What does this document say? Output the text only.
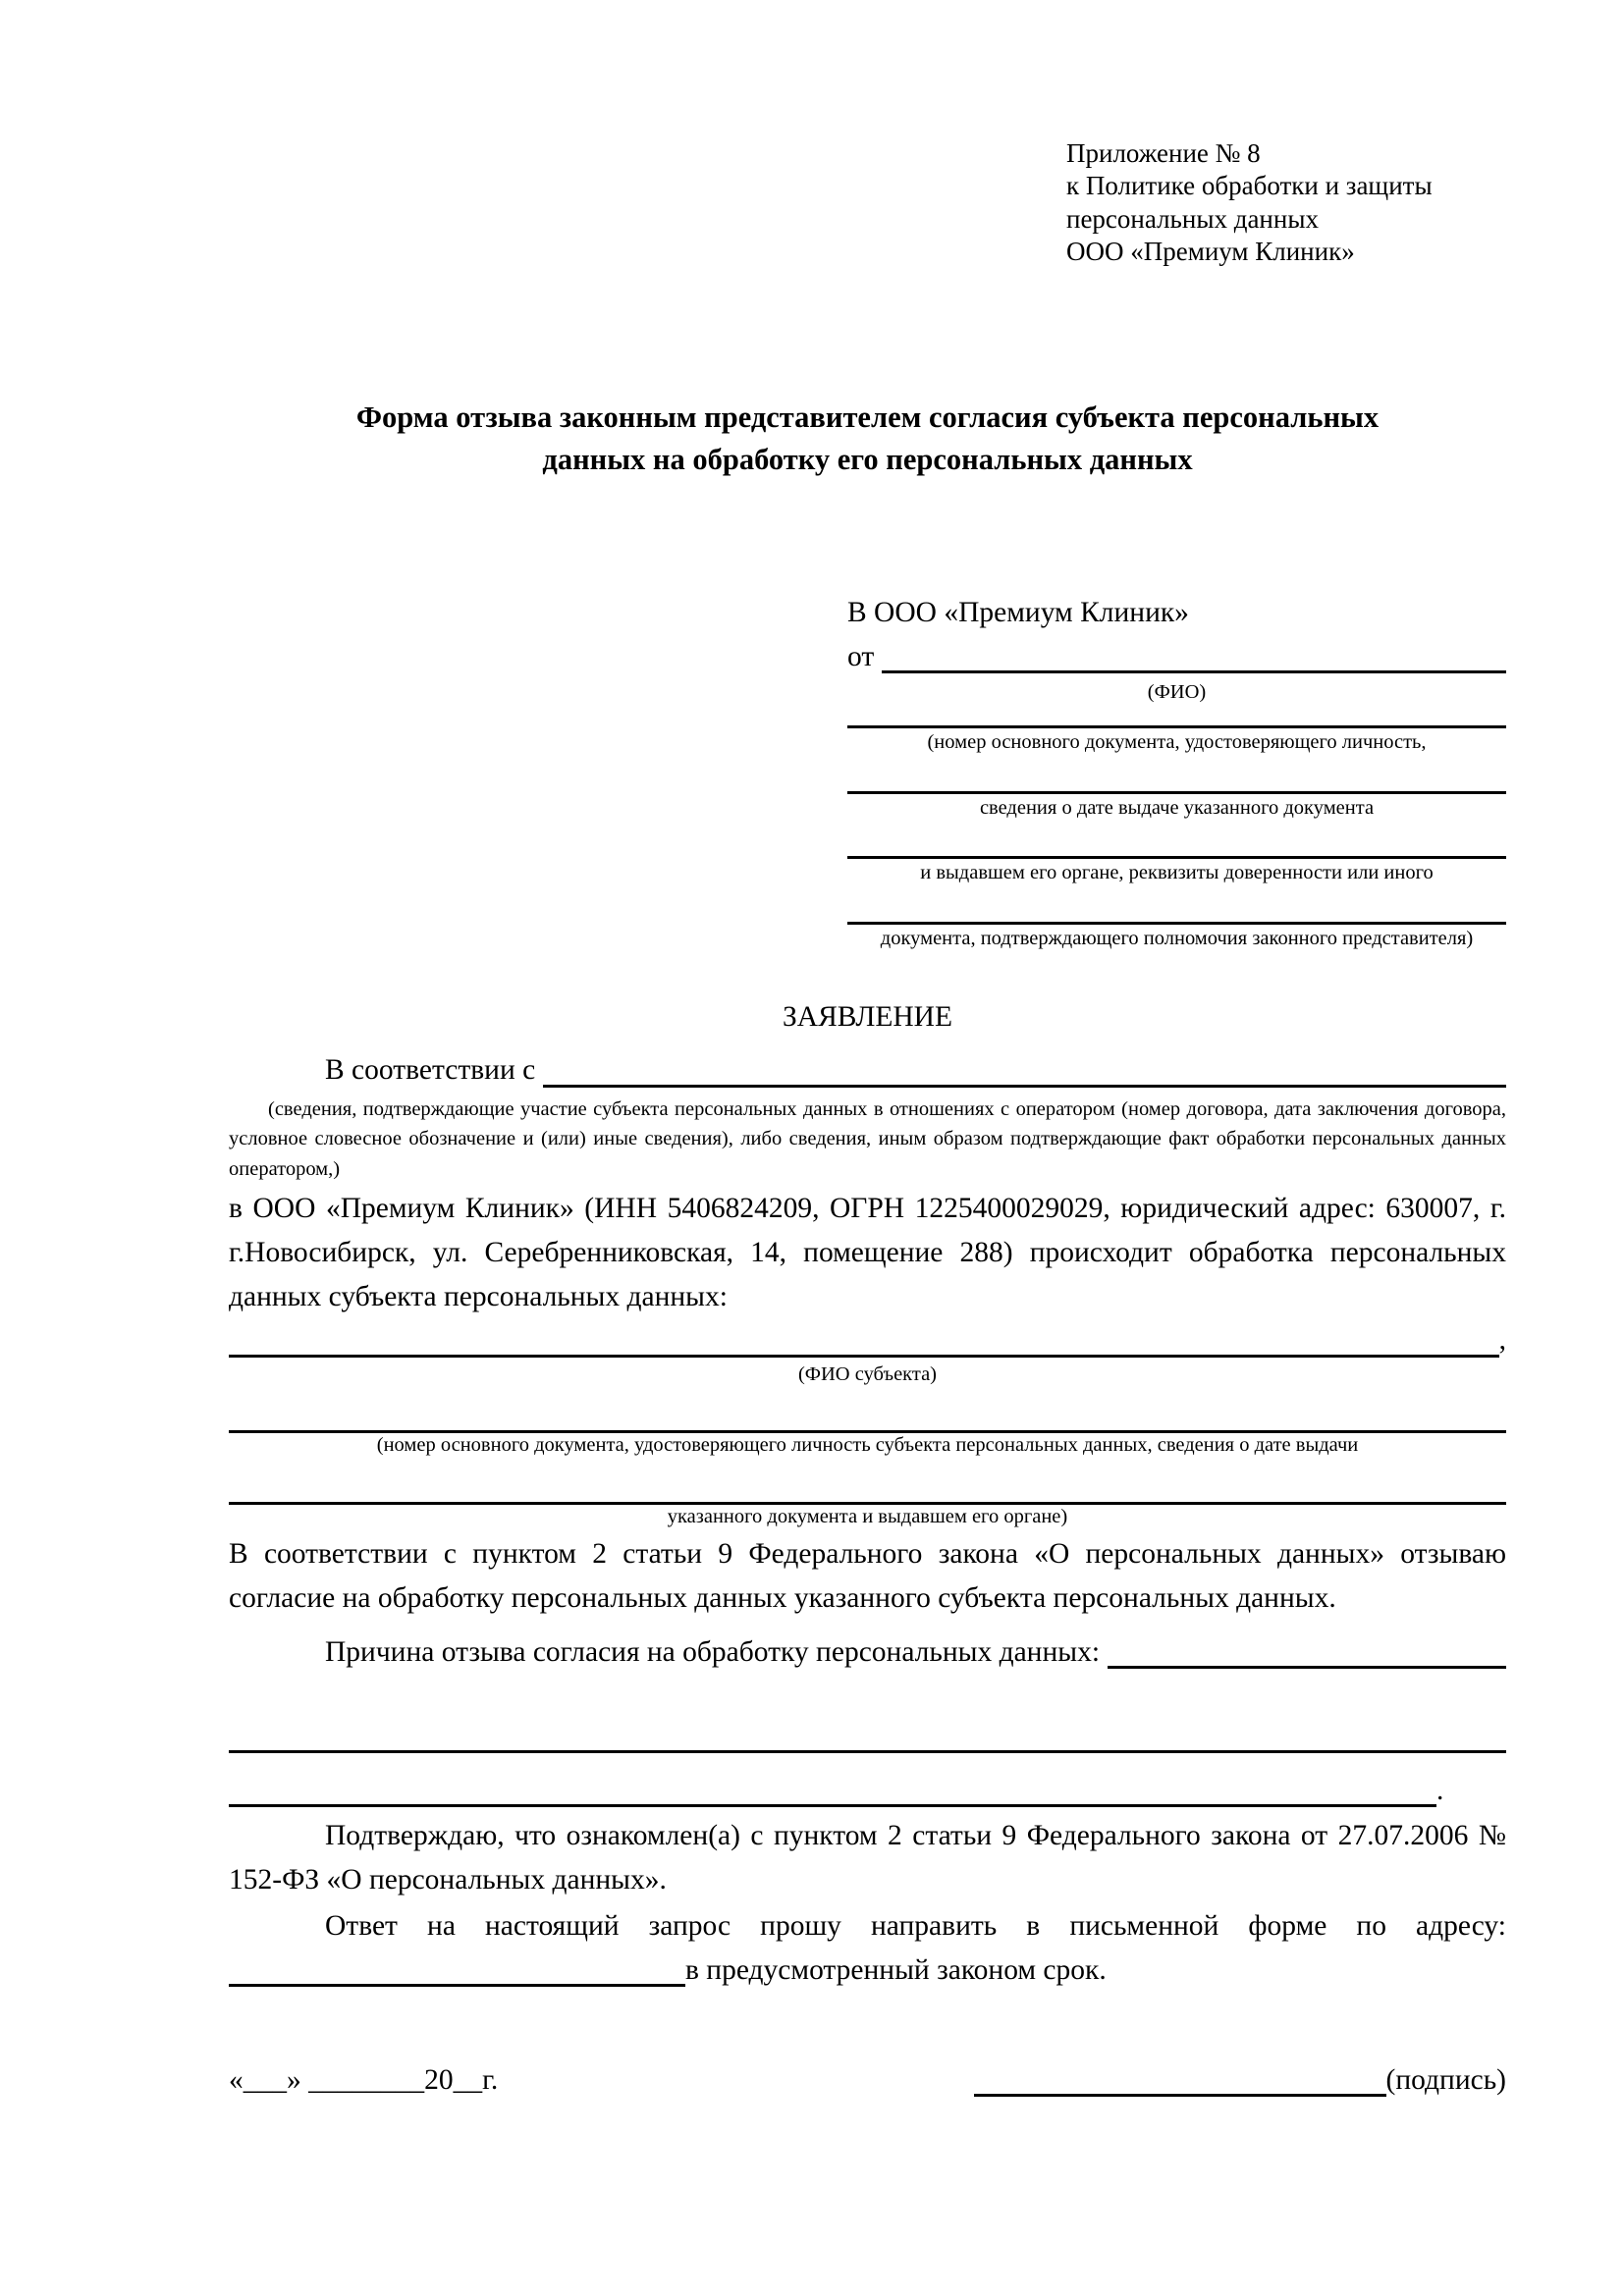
Приложение № 8
к Политике обработки и защиты
персональных данных
ООО «Премиум Клиник»
Форма отзыва законным представителем согласия субъекта персональных данных на обработку его персональных данных
В ООО «Премиум Клиник»
от
(ФИО)
(номер основного документа, удостоверяющего личность,
сведения о дате выдаче указанного документа
и выдавшем его органе, реквизиты доверенности или иного
документа, подтверждающего полномочия законного представителя)
ЗАЯВЛЕНИЕ
В соответствии с

(сведения, подтверждающие участие субъекта персональных данных в отношениях с оператором (номер договора, дата заключения договора, условное словесное обозначение и (или) иные сведения), либо сведения, иным образом подтверждающие факт обработки персональных данных оператором,)

в ООО «Премиум Клиник» (ИНН 5406824209, ОГРН 1225400029029, юридический адрес: 630007, г. г.Новосибирск, ул. Серебренниковская, 14, помещение 288) происходит обработка персональных данных субъекта персональных данных:

,
(ФИО субъекта)
(номер основного документа, удостоверяющего личность субъекта персональных данных, сведения о дате выдачи
указанного документа и выдавшем его органе)

В соответствии с пунктом 2 статьи 9 Федерального закона «О персональных данных» отзываю согласие на обработку персональных данных указанного субъекта персональных данных.

Причина отзыва согласия на обработку персональных данных:
.

Подтверждаю, что ознакомлен(а) с пунктом 2 статьи 9 Федерального закона от 27.07.2006 № 152-ФЗ «О персональных данных».

Ответ на настоящий запрос прошу направить в письменной форме по адресу:

в предусмотренный законом срок.
«___» ________20__г.	(подпись)
